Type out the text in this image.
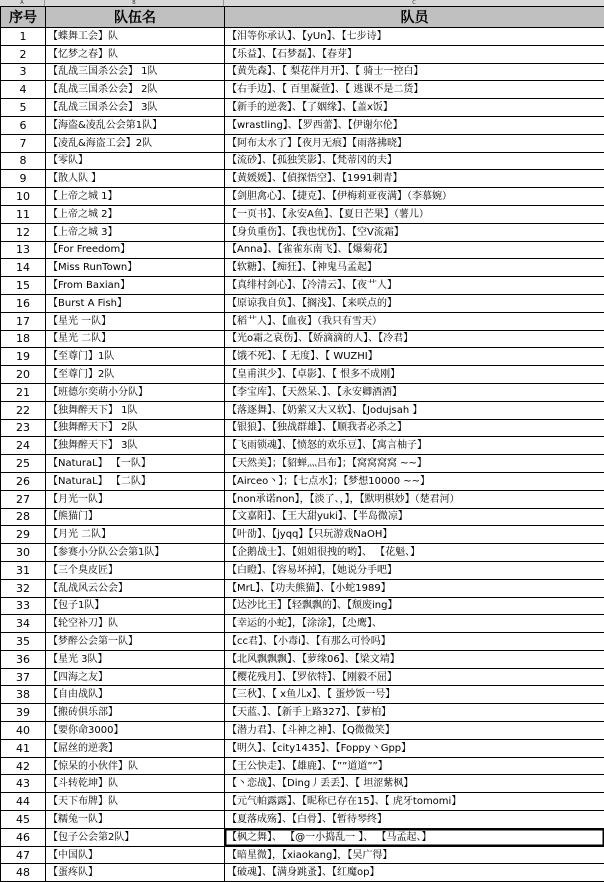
A	B	C
序号	队伍名	队员
1	【蝶舞工会】队	【泪等你承认】、【yUn】、【七步诗】
2	【忆梦之春】队	【乐益】、【石梦磊】、【春芽】
3	【乱战三国杀公会】 1队	【黄先森】、【 梨花伴月开】、【 骑士一控白】
4	【乱战三国杀公会】 2队	【右手边】、【 百里凝萱】、【 逃课不是二货】
5	【乱战三国杀公会】 3队	【新手的逆袭】、【了姻缘】、【盖x饭】
6	【海盗&凌乱公会第1队】	【wrastling】、【罗西蕾】、【伊谢尔伦】
7	【凌乱&海盗工会】2队	【阿布太水了】【夜月无痕】【雨落拂晓】
8	【零队】	【流砂】、【孤独笑影】、【梵蒂冈的夫】
9	【散人队 】	【黄媛媛】、【偵探悟空】、【1991刺青】
10	【上帝之城 1】	【剑胆禽心】、【捷克】、【伊梅莉亚夜满】（李慕婉）
11	【上帝之城 2】	【一页书】、【永安A鱼】、【夏日芒果】（薯儿）
12	【上帝之城 3】	【身负重伤】、【我也忧伤】、【空V流霜】
13	【For Freedom】	【Anna】、【雀雀东南飞】、【爆菊花】
14	【Miss RunTown】	【软糖】、【痴狂】、【神鬼马孟起】
15	【From Baxian】	【真绯村剑心】、【冷清云】、【夜艹人】
16	【Burst A Fish】	【原谅我自负】、【搁浅】、【来咲点的】
17	【星光 一队】	【稻艹人】、【血夜】（我只有雪天）
18	【星光 二队】	【光o霜之哀伤】、【娇滴滴的人】、【冷君】
19	【至尊门】1队	【饿不死】、【 无度】、【 WUZHI】
20	【至尊门】2队	【皇甫淇少】、【卓影】、【 恨多不成刚】
21	【班德尔奕萌小分队】	【李宝库】、【天然呆、】、【永安卿酒酒】
22	【独舞醉天下】 1队	【落逐舞】、【奶萦又大又软】、【Jodujsah 】
23	【独舞醉天下】 2队	【银狼】、【独战群雄】、【顺我者必杀之】
24	【独舞醉天下】 3队	【飞雨锁魂】、【愤怒的欢乐豆】、【寓言柚子】
25	【NaturaL】 【一队】	【天然美】；【貂蝉灬吕布】；【窝窝窝窝 ~~】
26	【NaturaL】 【二队】	【Airceo丶】；【七点水】；【梦想10000 ~~】
27	【月光一队】	【non承诺non】，【淡了、，】，【默明棋妙】（楚君河）
28	【熊猫门】	【文嘉阳】、【王大甜yuki】、【半岛微凉】
29	【月光 二队】	【叶劭】、【jyqq】【只玩游戏NaOH】
30	【参赛小分队公会第1队】	【企鹅战士】、【姐姐很拽的哟】、 【花魁、】
31	【三个臭皮匠】	【白瞪】、【容易坏掉】，【她说分手吧】
32	【乱战风云公会】	【MrL】、【功夫熊猫】、【小蛇1989】
33	【包子1队】	【达沙比王】【轻飘飘的】、【颓废ing】
34	【轮空补刀】队	【幸运的小蛇】，【涂涂】，【尐鹰】、
35	【梦醉公会第一队】	【cc君】、【小毒i】、【有那么可怜吗】
36	【星光 3队】	【北风飘飘飘】、【萝缘06】、【梁文靖】
37	【四海之友】	【樱花残月】、【罗依特】、【刚毅不屈】
38	【自由战队】	【三秋】、【 x鱼儿x】、【 蛋炒饭一号】
39	【搬砖俱乐部】	【天蓝、】、【新手上路327】、【萝柏】
40	【要你命3000】	【潜力君】、【斗神之神】、【Q微微笑】
41	【屌丝的逆袭】	【明久】、【city1435】、【Foppy丶Gpp】
42	【惊呆的小伙伴】队	【王公快走】、【雄鹿】、【””道道””】
43	【斗转乾坤】队	【丶恋战】、【Ding丿丢丢】、【 坦涩紫枫】
44	【天下布牌】队	【元气帕露露】、【昵称已存在15】、【 虎牙tomomi】
45	【糯兔一队】	【夏落成殇】、【白骨】、【暂待琴终】
46	【包子公会第2队】	【枫之舞】、 【@一小捣乱一 】、 【马孟起、】
47	【中国队】	【暗星微】，【xiaokang】，【吴广得】
48	【蛋疼队】	【破魂】、【满身跳蚤】、【红魔op】
